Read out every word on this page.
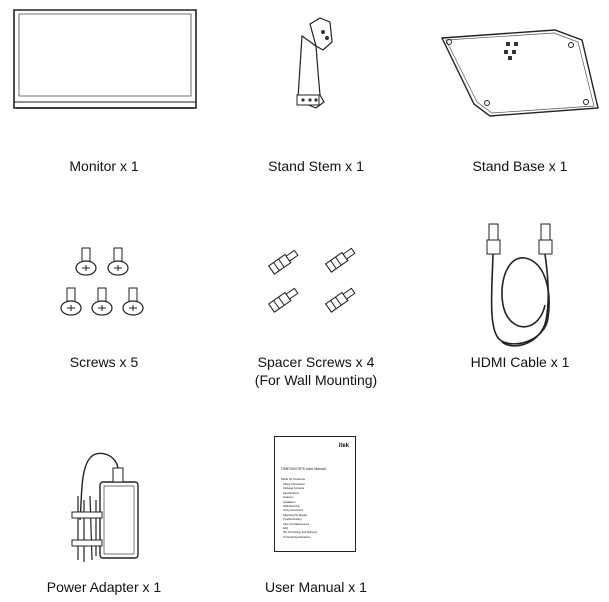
Monitor x 1	Stand Stem x 1	Stand Base x 1
Screws x 5	Spacer Screws x 4
(For Wall Mounting)
HDMI Cable x 1
Power Adapter x 1
itek
ITMF24V07IPS User Manual
Table Of Contents
Safety Precautions
Package Contents
Specifications
Features
Installation
Wall Mounting
Using the Monitor
Adjusting the Display
Troubleshooting
Care and Maintenance
FAQ
IPS Technology and Warranty
Technical Specifications
User Manual x 1
